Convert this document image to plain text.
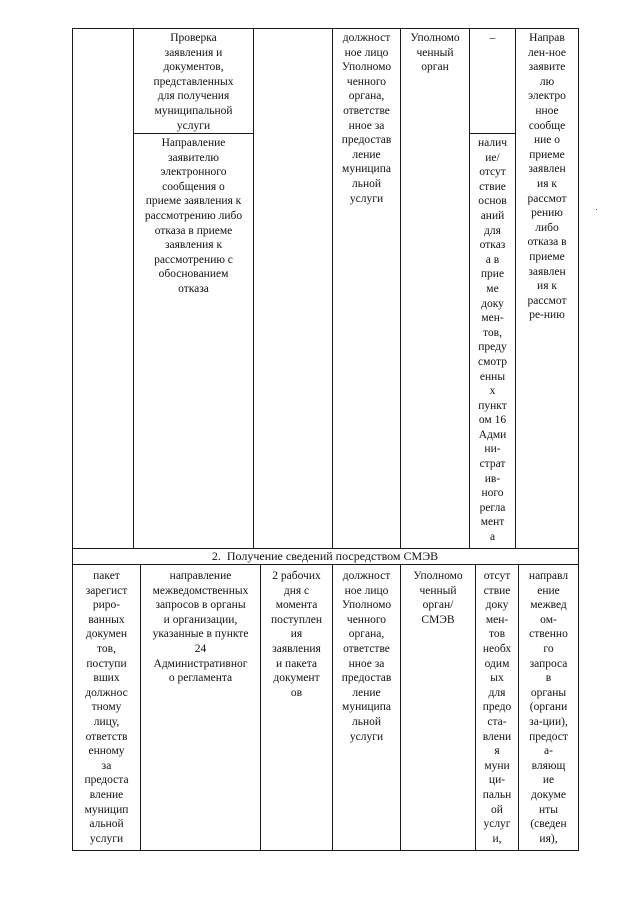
Проверка
заявления и
документов,
представленных
для получения
муниципальной
услуги
должност
ное лицо
Уполномо
ченного
органа,
ответстве
нное за
предостав
ление
муниципа
льной
услуги
Уполномо
ченный
орган
–	Направ
лен-ное
заявите
лю
электро
нное
сообще
ние о
приеме
заявлен
ия к
рассмот
рению
либо
отказа в
приеме
заявлен
ия к
рассмот
ре-нию
Направление
заявителю
электронного
сообщения о
приеме заявления к
рассмотрению либо
отказа в приеме
заявления к
рассмотрению с
обоснованием
отказа
налич
ие/
отсут
ствие
основ
аний
для
отказ
а в
прие
ме
доку
мен-
тов,
преду
смотр
енны
х
пункт
ом 16
Адми
ни-
страт
ив-
ного
регла
мент
а
2. Получение сведений посредством СМЭВ
пакет
зарегист
риро-
ванных
докумен
тов,
поступи
вших
должнос
тному
лицу,
ответств
енному
за
предоста
вление
муницип
альной
услуги
направление
межведомственных
запросов в органы
и организации,
указанные в пункте
24
Административног
о регламента
2 рабочих
дня с
момента
поступлен
ия
заявления
и пакета
документ
ов
должност
ное лицо
Уполномо
ченного
органа,
ответстве
нное за
предостав
ление
муниципа
льной
услуги
Уполномо
ченный
орган/
СМЭВ
отсут
ствие
доку
мен-
тов
необх
одим
ых
для
предо
ста-
влени
я
муни
ци-
пальн
ой
услуг
и,
направл
ение
межвед
ом-
ственно
го
запроса
в
органы
(органи
за-ции),
предост
а-
вляющ
ие
докуме
нты
(сведен
ия),
